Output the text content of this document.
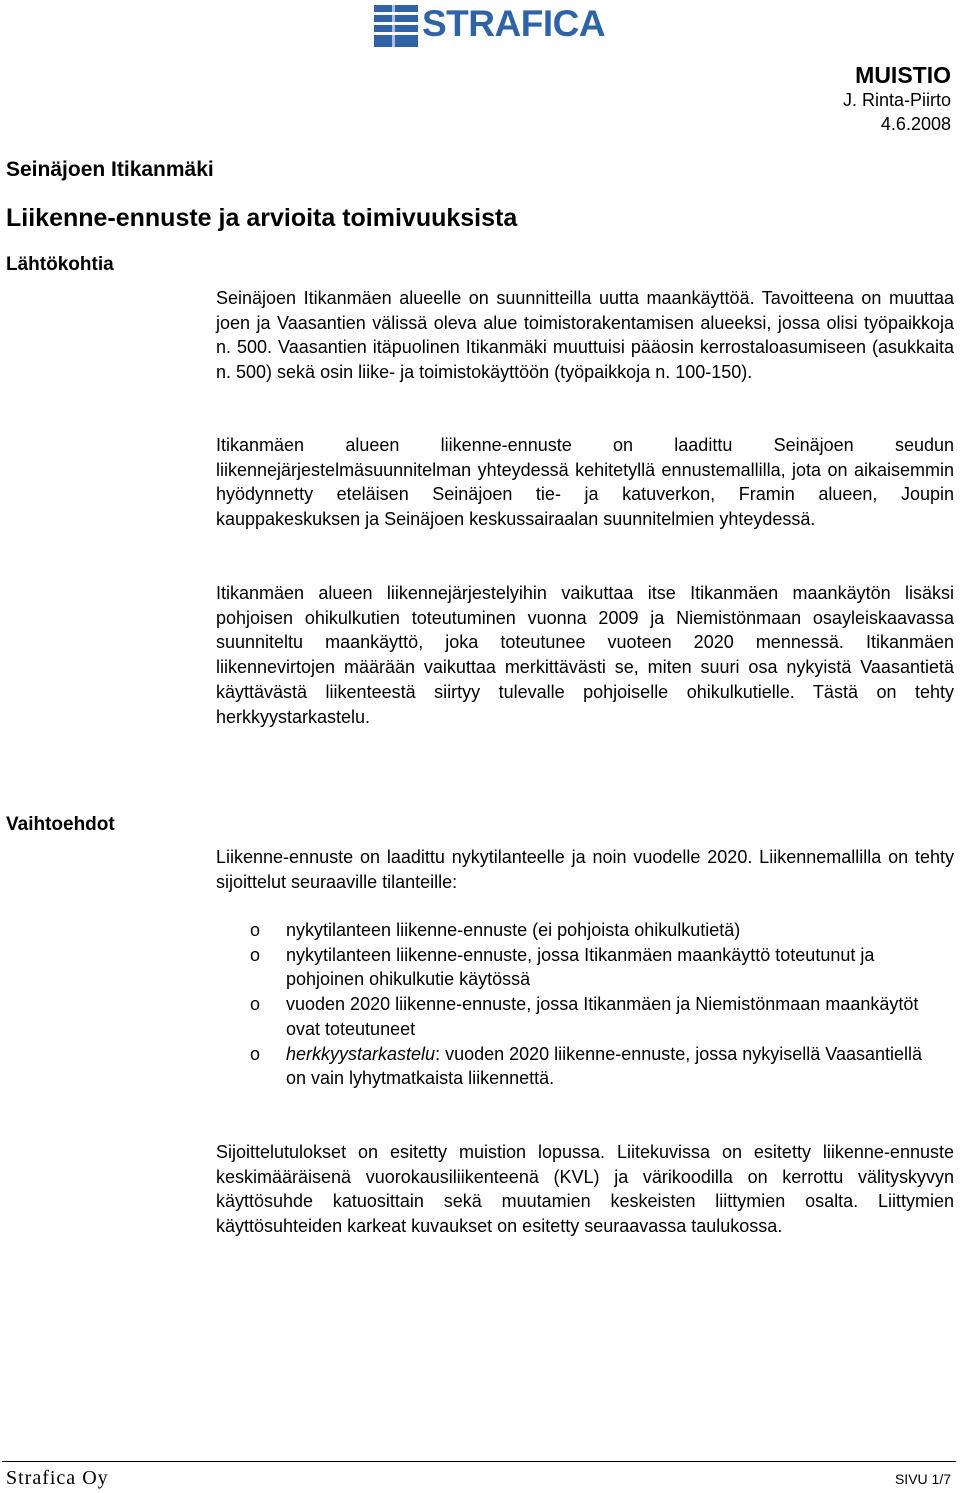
STRAFICA
MUISTIO
J. Rinta-Piirto
4.6.2008
Seinäjoen Itikanmäki
Liikenne-ennuste ja arvioita toimivuuksista
Lähtökohtia

Seinäjoen Itikanmäen alueelle on suunnitteilla uutta maankäyttöä. Tavoitteena on muuttaa joen ja Vaasantien välissä oleva alue toimistorakentamisen alueeksi, jossa olisi työpaikkoja n. 500. Vaasantien itäpuolinen Itikanmäki muuttuisi pääosin kerrostaloasumiseen (asukkaita n. 500) sekä osin liike- ja toimistokäyttöön (työpaikkoja n. 100-150).

Itikanmäen alueen liikenne-ennuste on laadittu Seinäjoen seudun liikennejärjestelmäsuunnitelman yhteydessä kehitetyllä ennustemallilla, jota on aikaisemmin hyödynnetty eteläisen Seinäjoen tie- ja katuverkon, Framin alueen, Joupin kauppakeskuksen ja Seinäjoen keskussairaalan suunnitelmien yhteydessä.

Itikanmäen alueen liikennejärjestelyihin vaikuttaa itse Itikanmäen maankäytön lisäksi pohjoisen ohikulkutien toteutuminen vuonna 2009 ja Niemistönmaan osayleiskaavassa suunniteltu maankäyttö, joka toteutunee vuoteen 2020 mennessä. Itikanmäen liikennevirtojen määrään vaikuttaa merkittävästi se, miten suuri osa nykyistä Vaasantietä käyttävästä liikenteestä siirtyy tulevalle pohjoiselle ohikulkutielle. Tästä on tehty herkkyystarkastelu.

Vaihtoehdot

Liikenne-ennuste on laadittu nykytilanteelle ja noin vuodelle 2020. Liikennemallilla on tehty sijoittelut seuraaville tilanteille:

o nykytilanteen liikenne-ennuste (ei pohjoista ohikulkutietä)
o nykytilanteen liikenne-ennuste, jossa Itikanmäen maankäyttö toteutunut ja pohjoinen ohikulkutie käytössä
o vuoden 2020 liikenne-ennuste, jossa Itikanmäen ja Niemistönmaan maankäytöt ovat toteutuneet
o herkkyystarkastelu: vuoden 2020 liikenne-ennuste, jossa nykyisellä Vaasantiellä on vain lyhytmatkaista liikennettä.

Sijoittelutulokset on esitetty muistion lopussa. Liitekuvissa on esitetty liikenne-ennuste keskimääräisenä vuorokausiliikenteenä (KVL) ja värikoodilla on kerrottu välityskyvyn käyttösuhde katuosittain sekä muutamien keskeisten liittymien osalta. Liittymien käyttösuhteiden karkeat kuvaukset on esitetty seuraavassa taulukossa.

Strafica Oy	SIVU 1/7
